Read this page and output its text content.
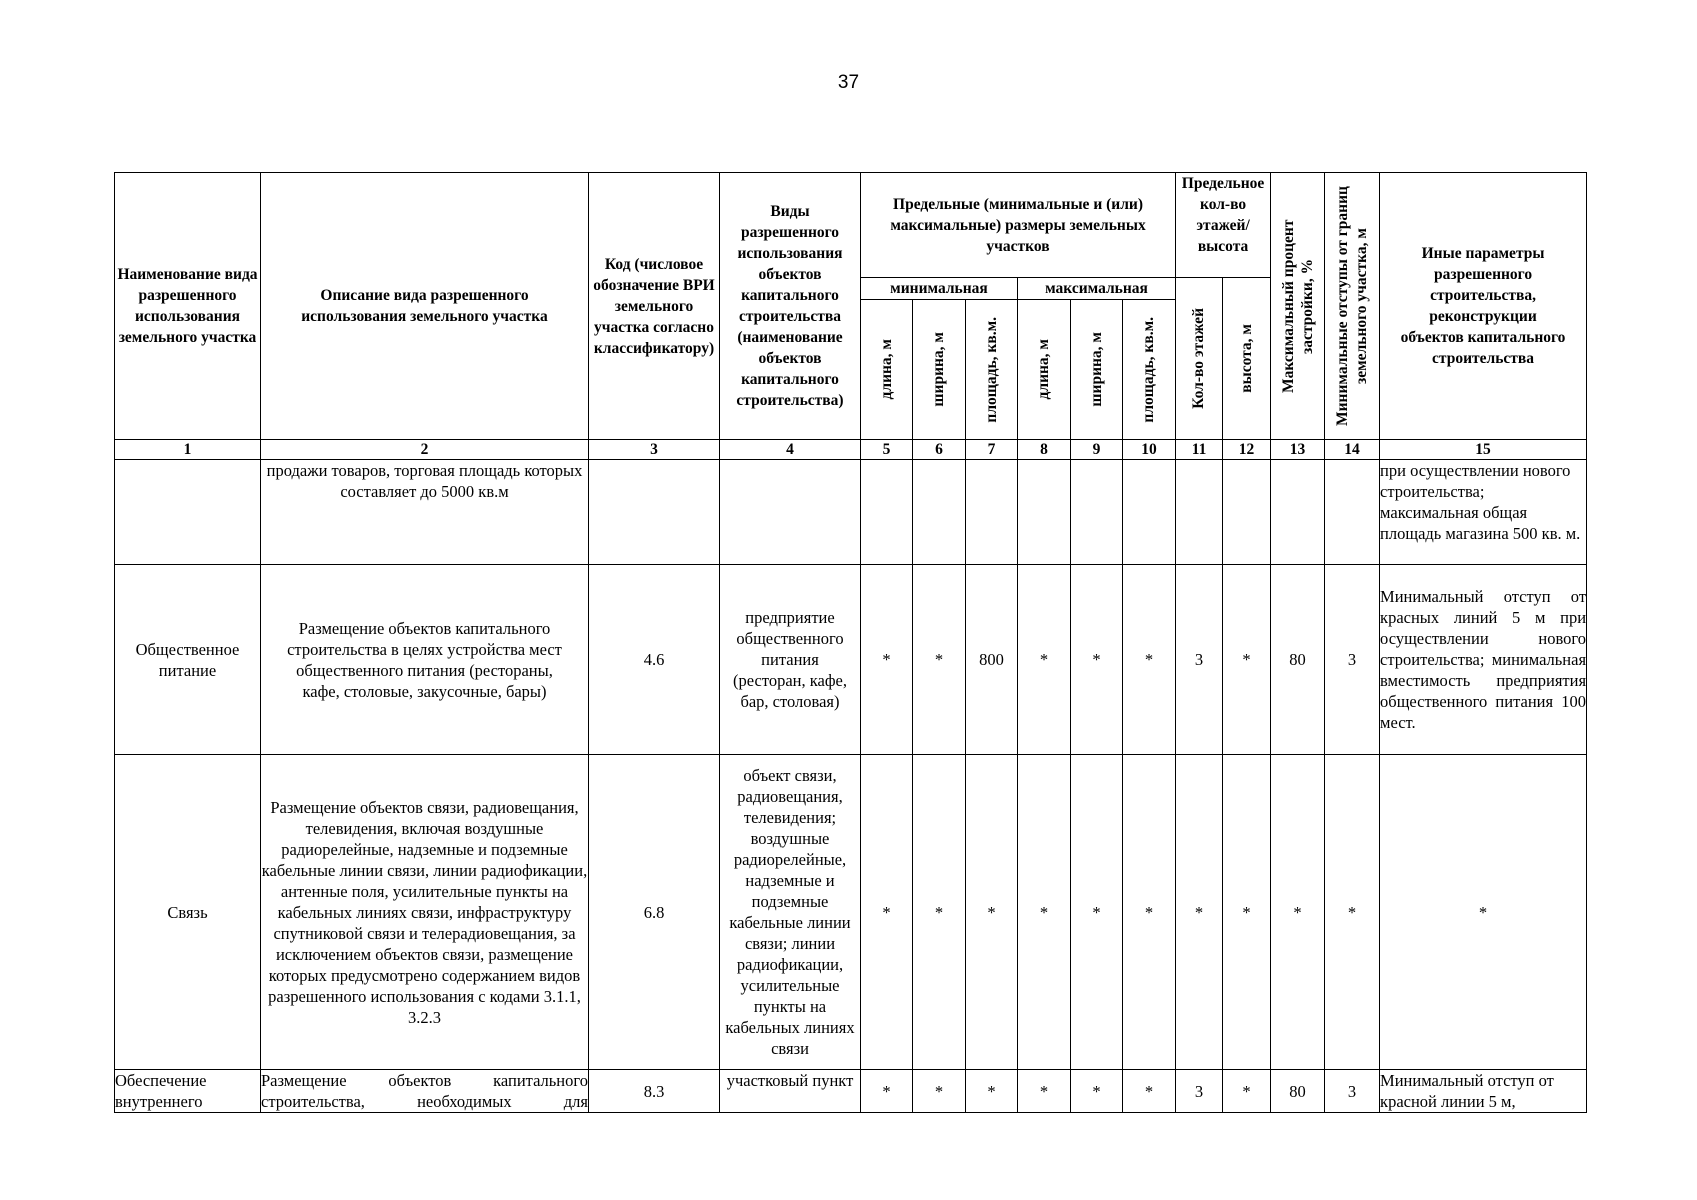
37
Наименование вида разрешенного использования земельного участка	Описание вида разрешенного использования земельного участка	Код (числовое обозначение ВРИ земельного участка согласно классификатору)	Виды разрешенного использования объектов капитального строительства (наименование объектов капитального строительства)	Предельные (минимальные и (или) максимальные) размеры земельных участков						Предельное кол-во этажей/ высота		Максимальный процент застройки, %	Минимальные отступы от границ земельного участка, м	Иные параметры разрешенного строительства, реконструкции объектов капитального строительства

				минимальная			максимальная			Кол-во этажей	высота, м			

				длина, м	ширина, м	площадь, кв.м.	длина, м	ширина, м	площадь, кв.м.					

1	2	3	4	5	6	7	8	9	10	11	12	13	14	15
	продажи товаров, торговая площадь которых составляет до 5000 кв.м													при осуществлении нового строительства; максимальная общая площадь магазина 500 кв. м.
Общественное питание	Размещение объектов капитального строительства в целях устройства мест общественного питания (рестораны, кафе, столовые, закусочные, бары)	4.6	предприятие общественного питания (ресторан, кафе, бар, столовая)	*	*	800	*	*	*	3	*	80	3	Минимальный отступ от красных линий 5 м при осуществлении нового строительства; минимальная вместимость предприятия общественного питания 100 мест.
Связь	Размещение объектов связи, радиовещания, телевидения, включая воздушные радиорелейные, надземные и подземные кабельные линии связи, линии радиофикации, антенные поля, усилительные пункты на кабельных линиях связи, инфраструктуру спутниковой связи и телерадиовещания, за исключением объектов связи, размещение которых предусмотрено содержанием видов разрешенного использования с кодами 3.1.1, 3.2.3	6.8	объект связи, радиовещания, телевидения; воздушные радиорелейные, надземные и подземные кабельные линии связи; линии радиофикации, усилительные пункты на кабельных линиях связи	*	*	*	*	*	*	*	*	*	*	*
Обеспечение внутреннего	Размещение объектов капитального строительства, необходимых для	8.3	участковый пункт	*	*	*	*	*	*	3	*	80	3	Минимальный отступ от красной линии 5 м,
